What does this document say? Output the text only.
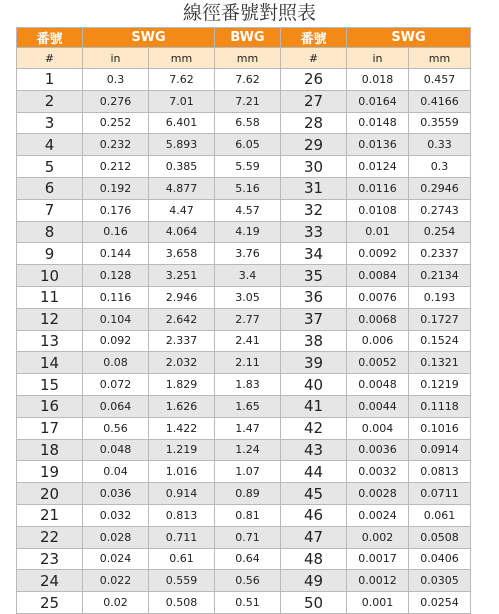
線徑番號對照表
番號	SWG		BWG	番號	SWG	
#	in	mm	mm	#	in	mm
1	0.3	7.62	7.62	26	0.018	0.457
2	0.276	7.01	7.21	27	0.0164	0.4166
3	0.252	6.401	6.58	28	0.0148	0.3559
4	0.232	5.893	6.05	29	0.0136	0.33
5	0.212	0.385	5.59	30	0.0124	0.3
6	0.192	4.877	5.16	31	0.0116	0.2946
7	0.176	4.47	4.57	32	0.0108	0.2743
8	0.16	4.064	4.19	33	0.01	0.254
9	0.144	3.658	3.76	34	0.0092	0.2337
10	0.128	3.251	3.4	35	0.0084	0.2134
11	0.116	2.946	3.05	36	0.0076	0.193
12	0.104	2.642	2.77	37	0.0068	0.1727
13	0.092	2.337	2.41	38	0.006	0.1524
14	0.08	2.032	2.11	39	0.0052	0.1321
15	0.072	1.829	1.83	40	0.0048	0.1219
16	0.064	1.626	1.65	41	0.0044	0.1118
17	0.56	1.422	1.47	42	0.004	0.1016
18	0.048	1.219	1.24	43	0.0036	0.0914
19	0.04	1.016	1.07	44	0.0032	0.0813
20	0.036	0.914	0.89	45	0.0028	0.0711
21	0.032	0.813	0.81	46	0.0024	0.061
22	0.028	0.711	0.71	47	0.002	0.0508
23	0.024	0.61	0.64	48	0.0017	0.0406
24	0.022	0.559	0.56	49	0.0012	0.0305
25	0.02	0.508	0.51	50	0.001	0.0254
